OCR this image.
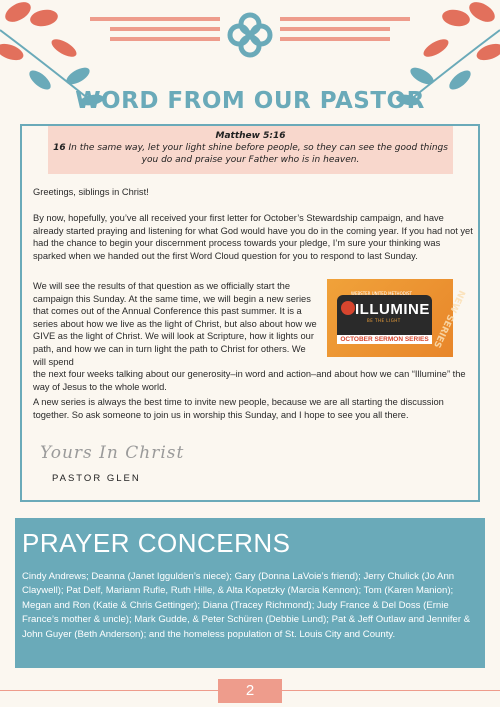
WORD FROM OUR PASTOR
Matthew 5:16
16 In the same way, let your light shine before people, so they can see the good things you do and praise your Father who is in heaven.
Greetings, siblings in Christ!
By now, hopefully, you’ve all received your first letter for October’s Stewardship campaign, and have already started praying and listening for what God would have you do in the coming year. If you had not yet had the chance to begin your discernment process towards your pledge, I’m sure your thinking was sparked when we handed out the first Word Cloud question for you to respond to last Sunday.
We will see the results of that question as we officially start the campaign this Sunday. At the same time, we will begin a new series that comes out of the Annual Conference this past summer. It is a series about how we live as the light of Christ, but also about how we GIVE as the light of Christ. We will look at Scripture, how it lights our path, and how we can in turn light the path to Christ for others. We will spend
the next four weeks talking about our generosity–in word and action–and about how we can “Illumine” the way of Jesus to the whole world.
WEBSTER UNITED METHODIST
ILLUMINE
BE THE LIGHT
OCTOBER SERMON SERIES NEW SERIES
A new series is always the best time to invite new people, because we are all starting the discussion together. So ask someone to join us in worship this Sunday, and I hope to see you all there.
Yours In Christ
PASTOR GLEN
PRAYER CONCERNS

Cindy Andrews; Deanna (Janet Iggulden’s niece); Gary (Donna LaVoie’s friend); Jerry Chulick (Jo Ann Claywell); Pat Delf, Mariann Rufle, Ruth Hille, & Alta Kopetzky (Marcia Kennon); Tom (Karen Manion); Megan and Ron (Katie & Chris Gettinger); Diana (Tracey Richmond); Judy France & Del Doss (Ernie France’s mother & uncle); Mark Gudde, & Peter Schüren (Debbie Lund); Pat & Jeff Outlaw and Jennifer & John Guyer (Beth Anderson); and the homeless population of St. Louis City and County.

2
